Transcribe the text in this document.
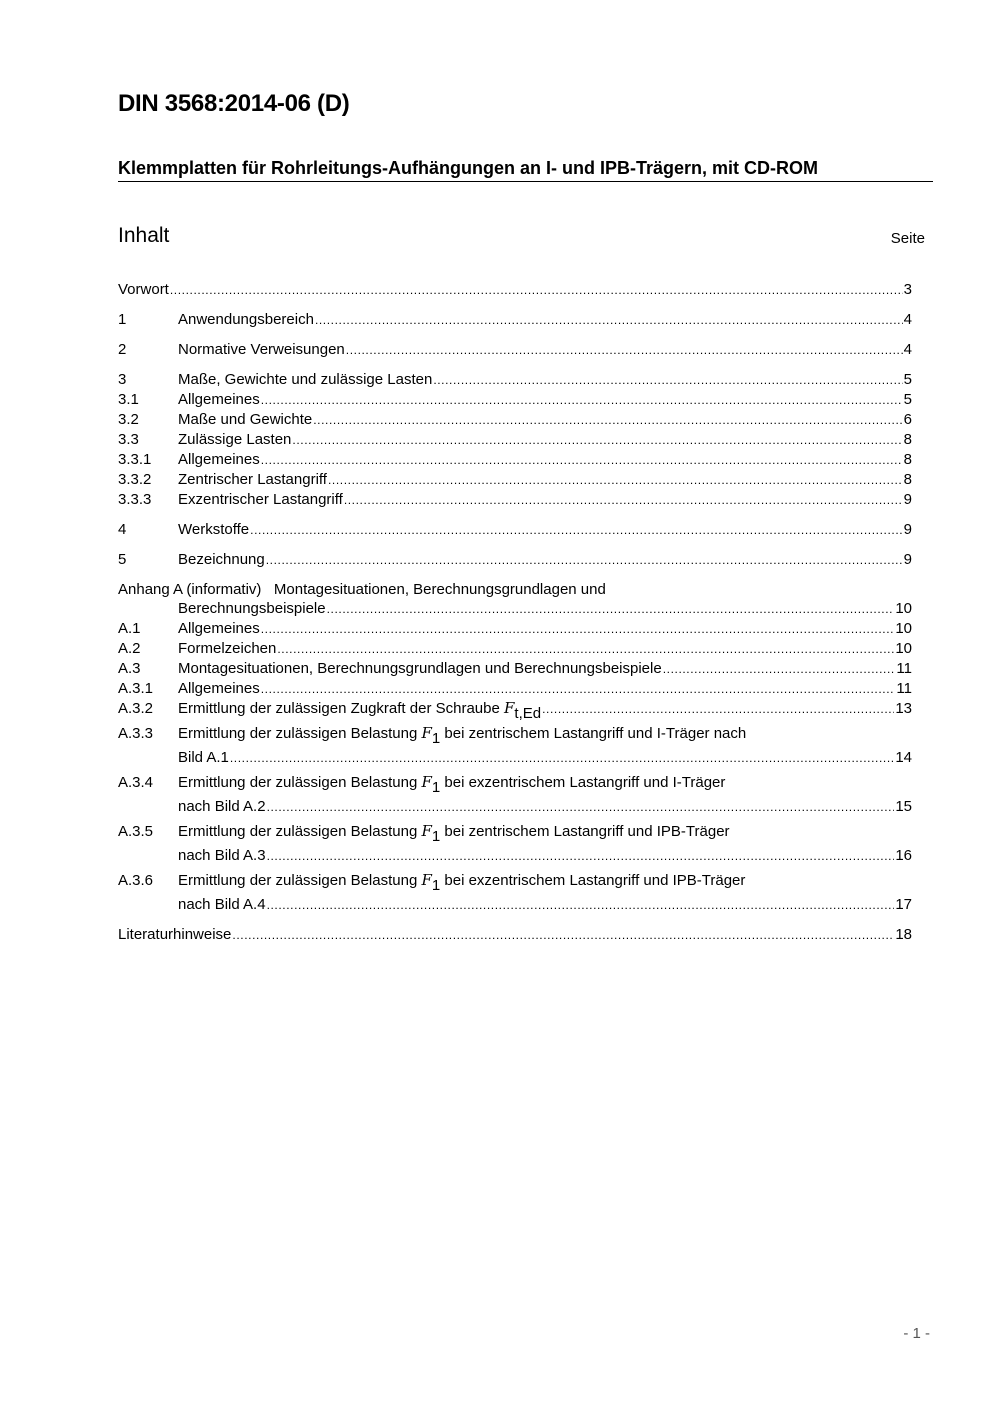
DIN 3568:2014-06 (D)
Klemmplatten für Rohrleitungs-Aufhängungen an I- und IPB-Trägern, mit CD-ROM
Inhalt	Seite
Vorwort .....	3
1	Anwendungsbereich .....	4
2	Normative Verweisungen .....	4
3	Maße, Gewichte und zulässige Lasten .....	5
3.1	Allgemeines .....	5
3.2	Maße und Gewichte .....	6
3.3	Zulässige Lasten .....	8
3.3.1	Allgemeines .....	8
3.3.2	Zentrischer Lastangriff .....	8
3.3.3	Exzentrischer Lastangriff .....	9
4	Werkstoffe .....	9
5	Bezeichnung .....	9
Anhang A (informativ)   Montagesituationen, Berechnungsgrundlagen und
Berechnungsbeispiele .....	10
A.1	Allgemeines .....	10
A.2	Formelzeichen .....	10
A.3	Montagesituationen, Berechnungsgrundlagen und Berechnungsbeispiele .....	11
A.3.1	Allgemeines .....	11
A.3.2	Ermittlung der zulässigen Zugkraft der Schraube Ft,Ed .....	13
A.3.3	Ermittlung der zulässigen Belastung F1 bei zentrischem Lastangriff und I-Träger nach
Bild A.1 .....	14
A.3.4	Ermittlung der zulässigen Belastung F1 bei exzentrischem Lastangriff und I-Träger
nach Bild A.2 .....	15
A.3.5	Ermittlung der zulässigen Belastung F1 bei zentrischem Lastangriff und IPB-Träger
nach Bild A.3 .....	16
A.3.6	Ermittlung der zulässigen Belastung F1 bei exzentrischem Lastangriff und IPB-Träger
nach Bild A.4 .....	17
Literaturhinweise .....	18
- 1 -
